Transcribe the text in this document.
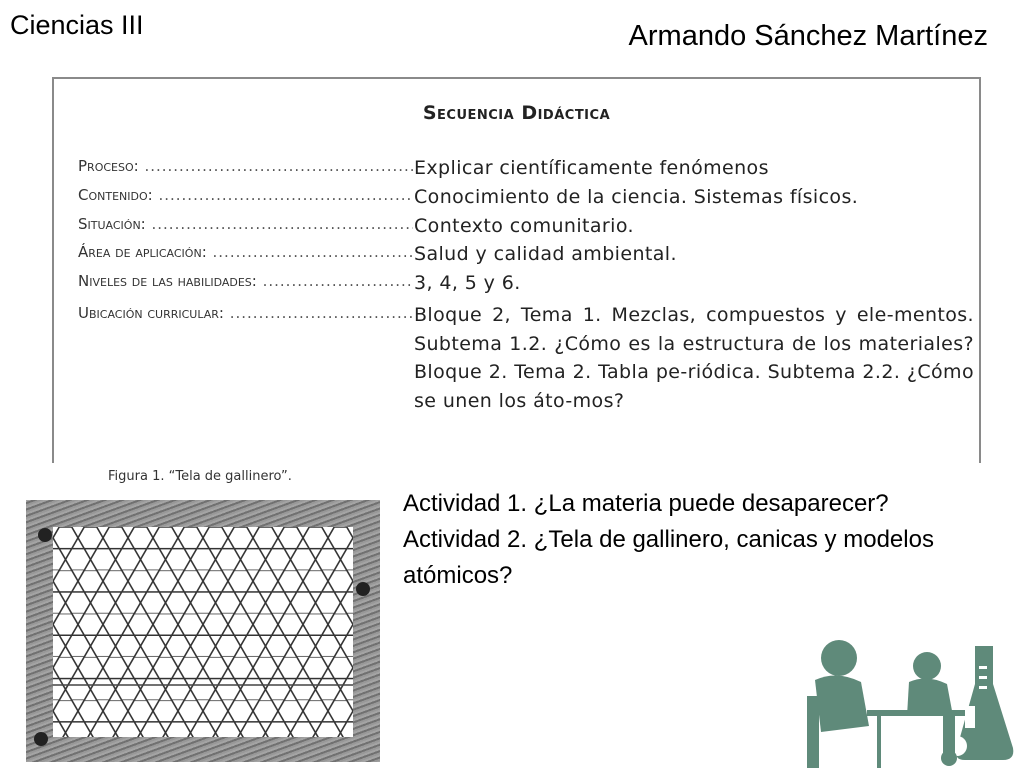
Ciencias III	Armando Sánchez Martínez
Secuencia Didáctica
Proceso: .....	Explicar científicamente fenómenos
Contenido: .....	Conocimiento de la ciencia. Sistemas físicos.
Situación: .....	Contexto comunitario.
Área de aplicación: .....	Salud y calidad ambiental.
Niveles de las habilidades: .....	3, 4, 5 y 6.
Ubicación curricular: .....	Bloque 2, Tema 1. Mezclas, compuestos y ele-mentos. Subtema 1.2. ¿Cómo es la estructura de los materiales? Bloque 2. Tema 2. Tabla pe-riódica. Subtema 2.2. ¿Cómo se unen los áto-mos?
Figura 1. “Tela de gallinero”.
Actividad 1. ¿La materia puede desaparecer?
Actividad 2. ¿Tela de gallinero, canicas y modelos atómicos?
